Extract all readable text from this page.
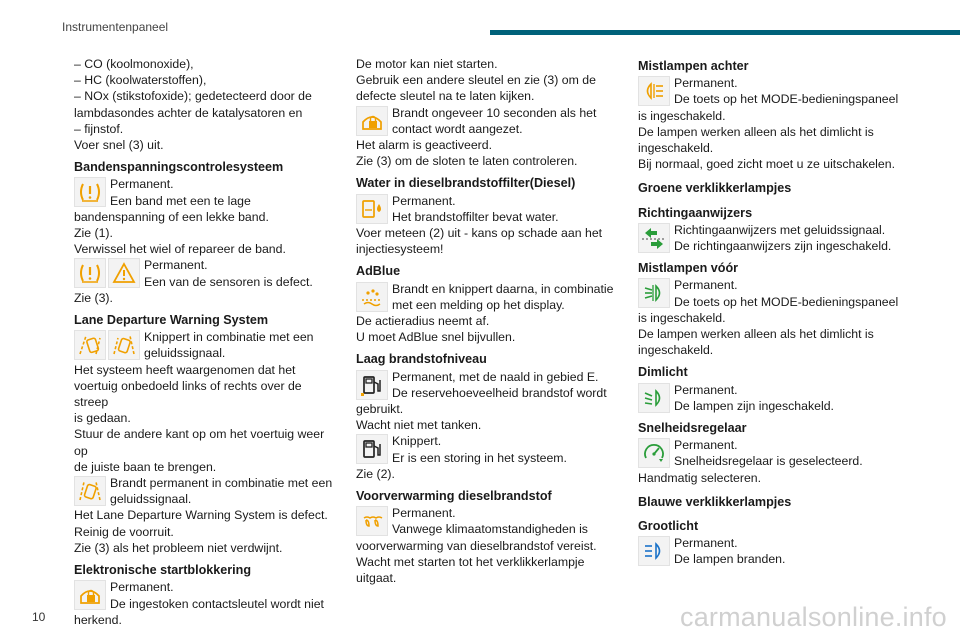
Instrumentenpaneel
– CO (koolmonoxide),
– HC (koolwaterstoffen),
– NOx (stikstofoxide); gedetecteerd door de
lambdasondes achter de katalysatoren en
– fijnstof.
Voer snel (3) uit.
Bandenspanningscontrolesysteem
Permanent.
Een band met een te lage
bandenspanning of een lekke band.
Zie (1).
Verwissel het wiel of repareer de band.
Permanent.
Een van de sensoren is defect.
Zie (3).
Lane Departure Warning System
Knippert in combinatie met een
geluidssignaal.
Het systeem heeft waargenomen dat het
voertuig onbedoeld links of rechts over de streep
is gedaan.
Stuur de andere kant op om het voertuig weer op
de juiste baan te brengen.
Brandt permanent in combinatie met een
geluidssignaal.
Het Lane Departure Warning System is defect.
Reinig de voorruit.
Zie (3) als het probleem niet verdwijnt.
Elektronische startblokkering
Permanent.
De ingestoken contactsleutel wordt niet
herkend.
De motor kan niet starten.
Gebruik een andere sleutel en zie (3) om de
defecte sleutel na te laten kijken.
Brandt ongeveer 10 seconden als het
contact wordt aangezet.
Het alarm is geactiveerd.
Zie (3) om de sloten te laten controleren.
Water in dieselbrandstoffilter(Diesel)
Permanent.
Het brandstoffilter bevat water.
Voer meteen (2) uit - kans op schade aan het
injectiesysteem!
AdBlue
Brandt en knippert daarna, in combinatie
met een melding op het display.
De actieradius neemt af.
U moet AdBlue snel bijvullen.
Laag brandstofniveau
Permanent, met de naald in gebied E.
De reservehoeveelheid brandstof wordt
gebruikt.
Wacht niet met tanken.
Knippert.
Er is een storing in het systeem.
Zie (2).
Voorverwarming dieselbrandstof
Permanent.
Vanwege klimaatomstandigheden is
voorverwarming van dieselbrandstof vereist.
Wacht met starten tot het verklikkerlampje
uitgaat.
Mistlampen achter
Permanent.
De toets op het MODE-bedieningspaneel
is ingeschakeld.
De lampen werken alleen als het dimlicht is
ingeschakeld.
Bij normaal, goed zicht moet u ze uitschakelen.
Groene verklikkerlampjes
Richtingaanwijzers
Richtingaanwijzers met geluidssignaal.
De richtingaanwijzers zijn ingeschakeld.
Mistlampen vóór
Permanent.
De toets op het MODE-bedieningspaneel
is ingeschakeld.
De lampen werken alleen als het dimlicht is
ingeschakeld.
Dimlicht
Permanent.
De lampen zijn ingeschakeld.
Snelheidsregelaar
Permanent.
Snelheidsregelaar is geselecteerd.
Handmatig selecteren.
Blauwe verklikkerlampjes
Grootlicht
Permanent.
De lampen branden.
10	carmanualsonline.info
